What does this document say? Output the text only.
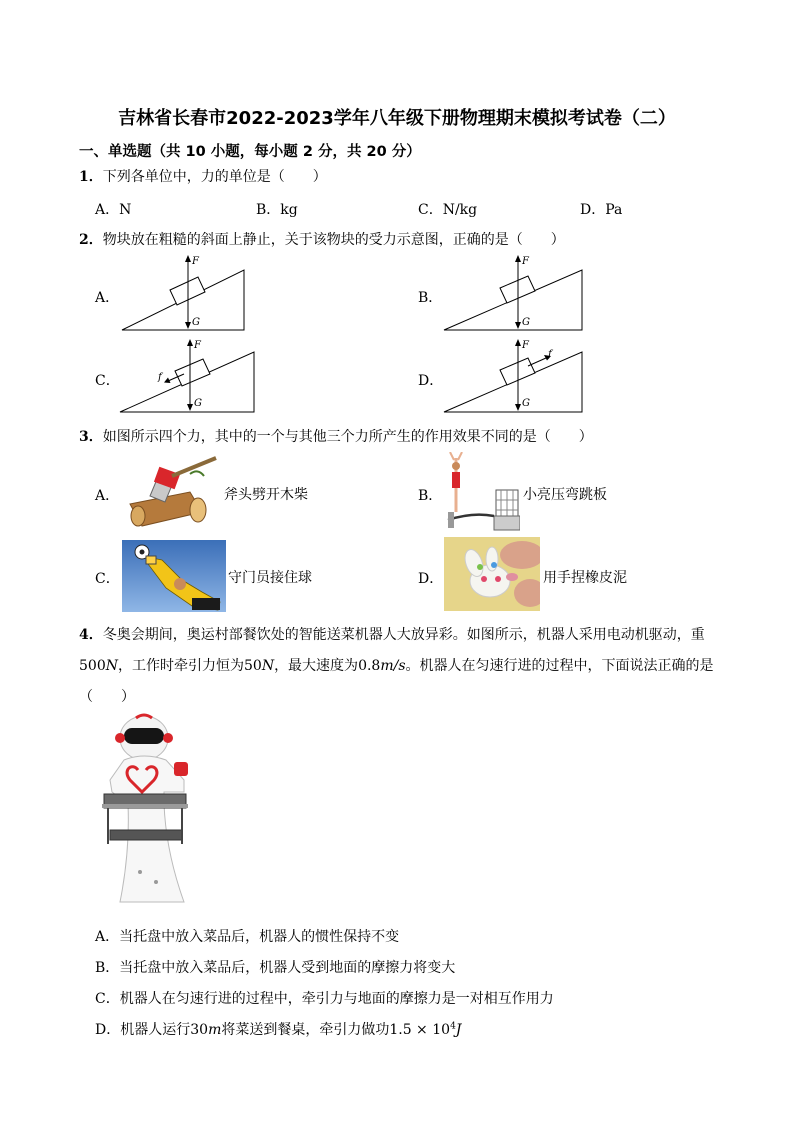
吉林省长春市2022-2023学年八年级下册物理期末模拟考试卷（二）
一、单选题（共 10 小题，每小题 2 分，共 20 分）
1．下列各单位中，力的单位是（　　）
A．N	B．kg	C．N/kg	D．Pa
2．物块放在粗糙的斜面上静止，关于该物块的受力示意图，正确的是（　　）
A．	B．
C．	D．
F
G
F
G
F
G
f
F
G
f
3．如图所示四个力，其中的一个与其他三个力所产生的作用效果不同的是（　　）
A．	B．
C．	D．
斧头劈开木柴	小亮压弯跳板
守门员接住球	用手捏橡皮泥
4．冬奥会期间，奥运村部餐饮处的智能送菜机器人大放异彩。如图所示，机器人采用电动机驱动，重
500N，工作时牵引力恒为50N，最大速度为0.8m/s。机器人在匀速行进的过程中，下面说法正确的是
（　　）
A．当托盘中放入菜品后，机器人的惯性保持不变
B．当托盘中放入菜品后，机器人受到地面的摩擦力将变大
C．机器人在匀速行进的过程中，牵引力与地面的摩擦力是一对相互作用力
D．机器人运行30m将菜送到餐桌，牵引力做功$1.5 \times 10^4J$
